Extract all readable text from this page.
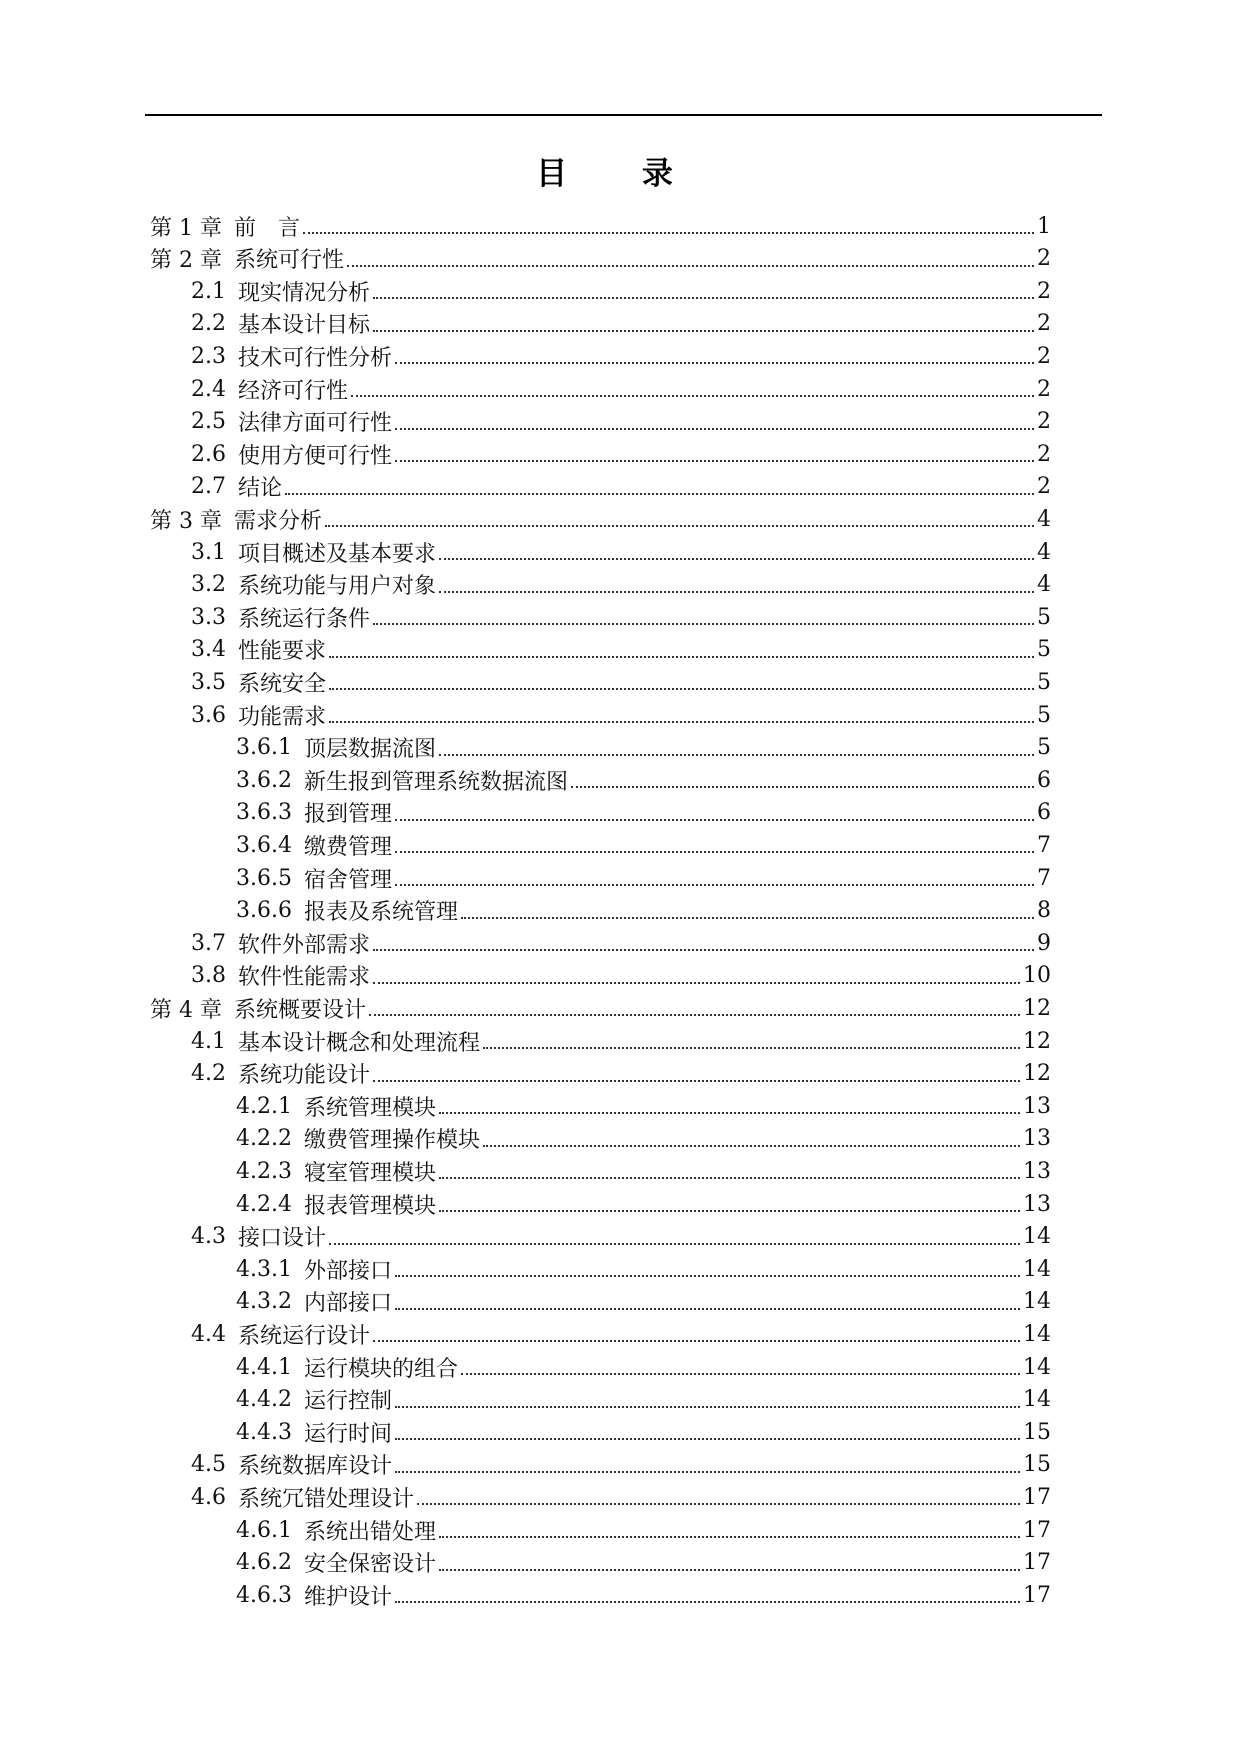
目 录
第 1 章 前　言	1
第 2 章 系统可行性	2
2.1 现实情况分析	2
2.2 基本设计目标	2
2.3 技术可行性分析	2
2.4 经济可行性	2
2.5 法律方面可行性	2
2.6 使用方便可行性	2
2.7 结论	2
第 3 章 需求分析	4
3.1 项目概述及基本要求	4
3.2 系统功能与用户对象	4
3.3 系统运行条件	5
3.4 性能要求	5
3.5 系统安全	5
3.6 功能需求	5
3.6.1 顶层数据流图	5
3.6.2 新生报到管理系统数据流图	6
3.6.3 报到管理	6
3.6.4 缴费管理	7
3.6.5 宿舍管理	7
3.6.6 报表及系统管理	8
3.7 软件外部需求	9
3.8 软件性能需求	10
第 4 章 系统概要设计	12
4.1 基本设计概念和处理流程	12
4.2 系统功能设计	12
4.2.1 系统管理模块	13
4.2.2 缴费管理操作模块	13
4.2.3 寝室管理模块	13
4.2.4 报表管理模块	13
4.3 接口设计	14
4.3.1 外部接口	14
4.3.2 内部接口	14
4.4 系统运行设计	14
4.4.1 运行模块的组合	14
4.4.2 运行控制	14
4.4.3 运行时间	15
4.5 系统数据库设计	15
4.6 系统冗错处理设计	17
4.6.1 系统出错处理	17
4.6.2 安全保密设计	17
4.6.3 维护设计	17
